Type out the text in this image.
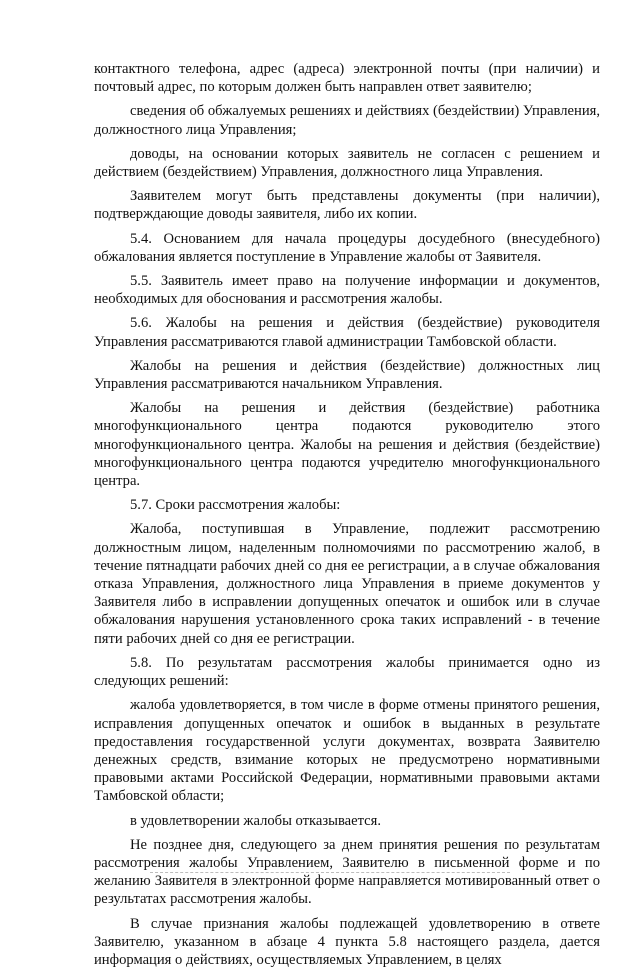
контактного телефона, адрес (адреса) электронной почты (при наличии) и почтовый адрес, по которым должен быть направлен ответ заявителю;

сведения об обжалуемых решениях и действиях (бездействии) Управления, должностного лица Управления;

доводы, на основании которых заявитель не согласен с решением и действием (бездействием) Управления, должностного лица Управления.

Заявителем могут быть представлены документы (при наличии), подтверждающие доводы заявителя, либо их копии.

5.4. Основанием для начала процедуры досудебного (внесудебного) обжалования является поступление в Управление жалобы от Заявителя.

5.5. Заявитель имеет право на получение информации и документов, необходимых для обоснования и рассмотрения жалобы.

5.6. Жалобы на решения и действия (бездействие) руководителя Управления рассматриваются главой администрации Тамбовской области.

Жалобы на решения и действия (бездействие) должностных лиц Управления рассматриваются начальником Управления.

Жалобы на решения и действия (бездействие) работника многофункционального центра подаются руководителю этого многофункционального центра. Жалобы на решения и действия (бездействие) многофункционального центра подаются учредителю многофункционального центра.

5.7. Сроки рассмотрения жалобы:

Жалоба, поступившая в Управление, подлежит рассмотрению должностным лицом, наделенным полномочиями по рассмотрению жалоб, в течение пятнадцати рабочих дней со дня ее регистрации, а в случае обжалования отказа Управления, должностного лица Управления в приеме документов у Заявителя либо в исправлении допущенных опечаток и ошибок или в случае обжалования нарушения установленного срока таких исправлений - в течение пяти рабочих дней со дня ее регистрации.

5.8. По результатам рассмотрения жалобы принимается одно из следующих решений:

жалоба удовлетворяется, в том числе в форме отмены принятого решения, исправления допущенных опечаток и ошибок в выданных в результате предоставления государственной услуги документах, возврата Заявителю денежных средств, взимание которых не предусмотрено нормативными правовыми актами Российской Федерации, нормативными правовыми актами Тамбовской области;

в удовлетворении жалобы отказывается.

Не позднее дня, следующего за днем принятия решения по результатам рассмотрения жалобы Управлением, Заявителю в письменной форме и по желанию Заявителя в электронной форме направляется мотивированный ответ о результатах рассмотрения жалобы.

В случае признания жалобы подлежащей удовлетворению в ответе Заявителю, указанном в абзаце 4 пункта 5.8 настоящего раздела, дается информация о действиях, осуществляемых Управлением, в целях
